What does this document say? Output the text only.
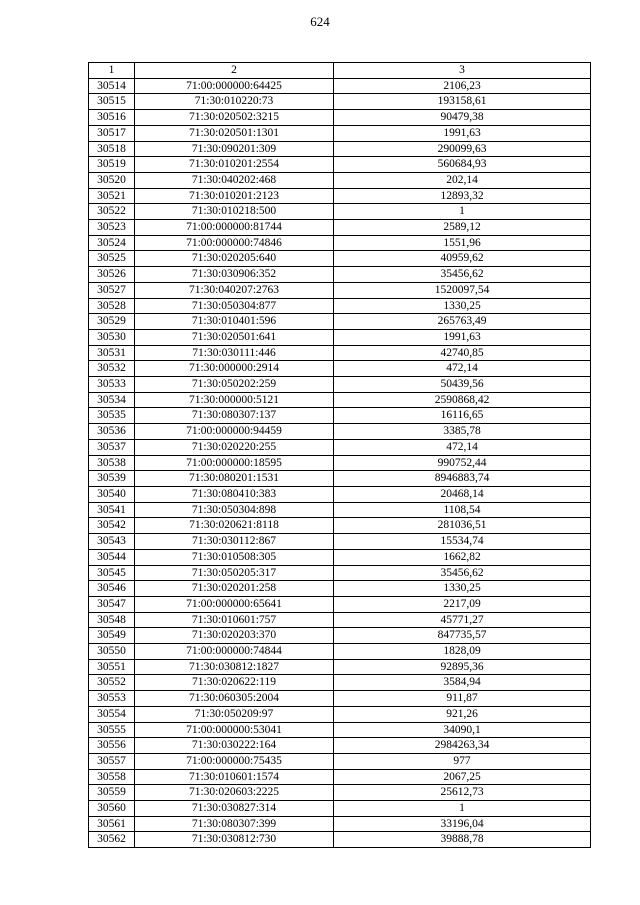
624
1	2	3
30514	71:00:000000:64425	2106,23
30515	71:30:010220:73	193158,61
30516	71:30:020502:3215	90479,38
30517	71:30:020501:1301	1991,63
30518	71:30:090201:309	290099,63
30519	71:30:010201:2554	560684,93
30520	71:30:040202:468	202,14
30521	71:30:010201:2123	12893,32
30522	71:30:010218:500	1
30523	71:00:000000:81744	2589,12
30524	71:00:000000:74846	1551,96
30525	71:30:020205:640	40959,62
30526	71:30:030906:352	35456,62
30527	71:30:040207:2763	1520097,54
30528	71:30:050304:877	1330,25
30529	71:30:010401:596	265763,49
30530	71:30:020501:641	1991,63
30531	71:30:030111:446	42740,85
30532	71:30:000000:2914	472,14
30533	71:30:050202:259	50439,56
30534	71:30:000000:5121	2590868,42
30535	71:30:080307:137	16116,65
30536	71:00:000000:94459	3385,78
30537	71:30:020220:255	472,14
30538	71:00:000000:18595	990752,44
30539	71:30:080201:1531	8946883,74
30540	71:30:080410:383	20468,14
30541	71:30:050304:898	1108,54
30542	71:30:020621:8118	281036,51
30543	71:30:030112:867	15534,74
30544	71:30:010508:305	1662,82
30545	71:30:050205:317	35456,62
30546	71:30:020201:258	1330,25
30547	71:00:000000:65641	2217,09
30548	71:30:010601:757	45771,27
30549	71:30:020203:370	847735,57
30550	71:00:000000:74844	1828,09
30551	71:30:030812:1827	92895,36
30552	71:30:020622:119	3584,94
30553	71:30:060305:2004	911,87
30554	71:30:050209:97	921,26
30555	71:00:000000:53041	34090,1
30556	71:30:030222:164	2984263,34
30557	71:00:000000:75435	977
30558	71:30:010601:1574	2067,25
30559	71:30:020603:2225	25612,73
30560	71:30:030827:314	1
30561	71:30:080307:399	33196,04
30562	71:30:030812:730	39888,78
